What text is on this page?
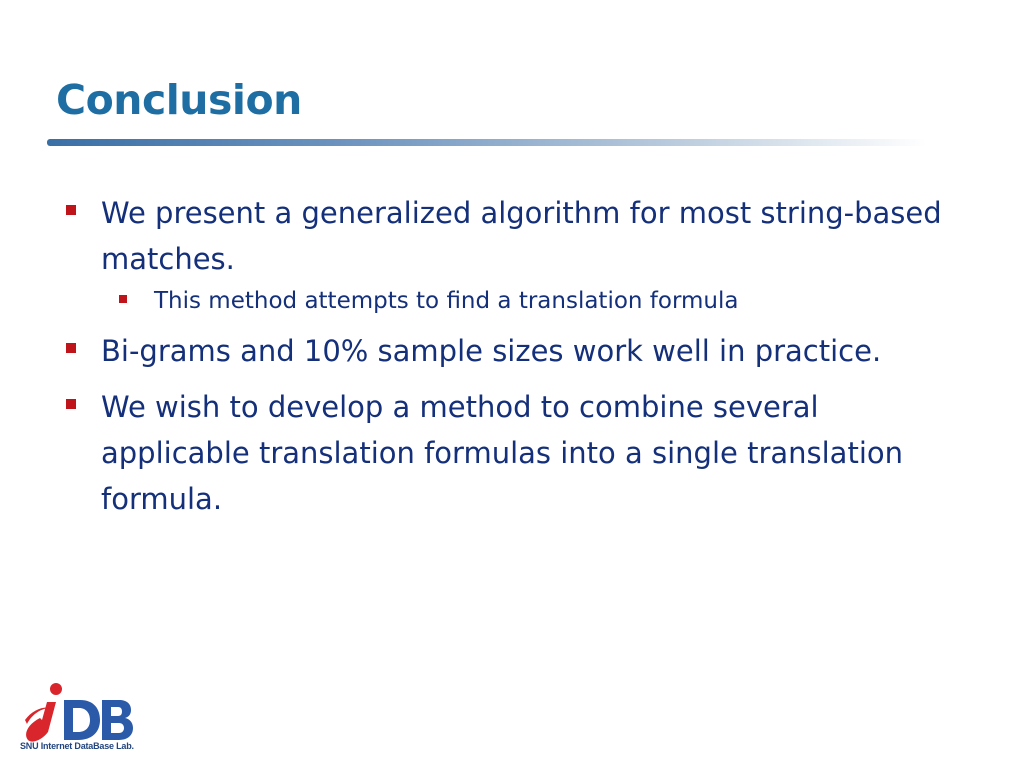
Conclusion
We present a generalized algorithm for most string-based matches.
This method attempts to find a translation formula
Bi-grams and 10% sample sizes work well in practice.
We wish to develop a method to combine several applicable translation formulas into a single translation formula.
SNU Internet DataBase Lab.
